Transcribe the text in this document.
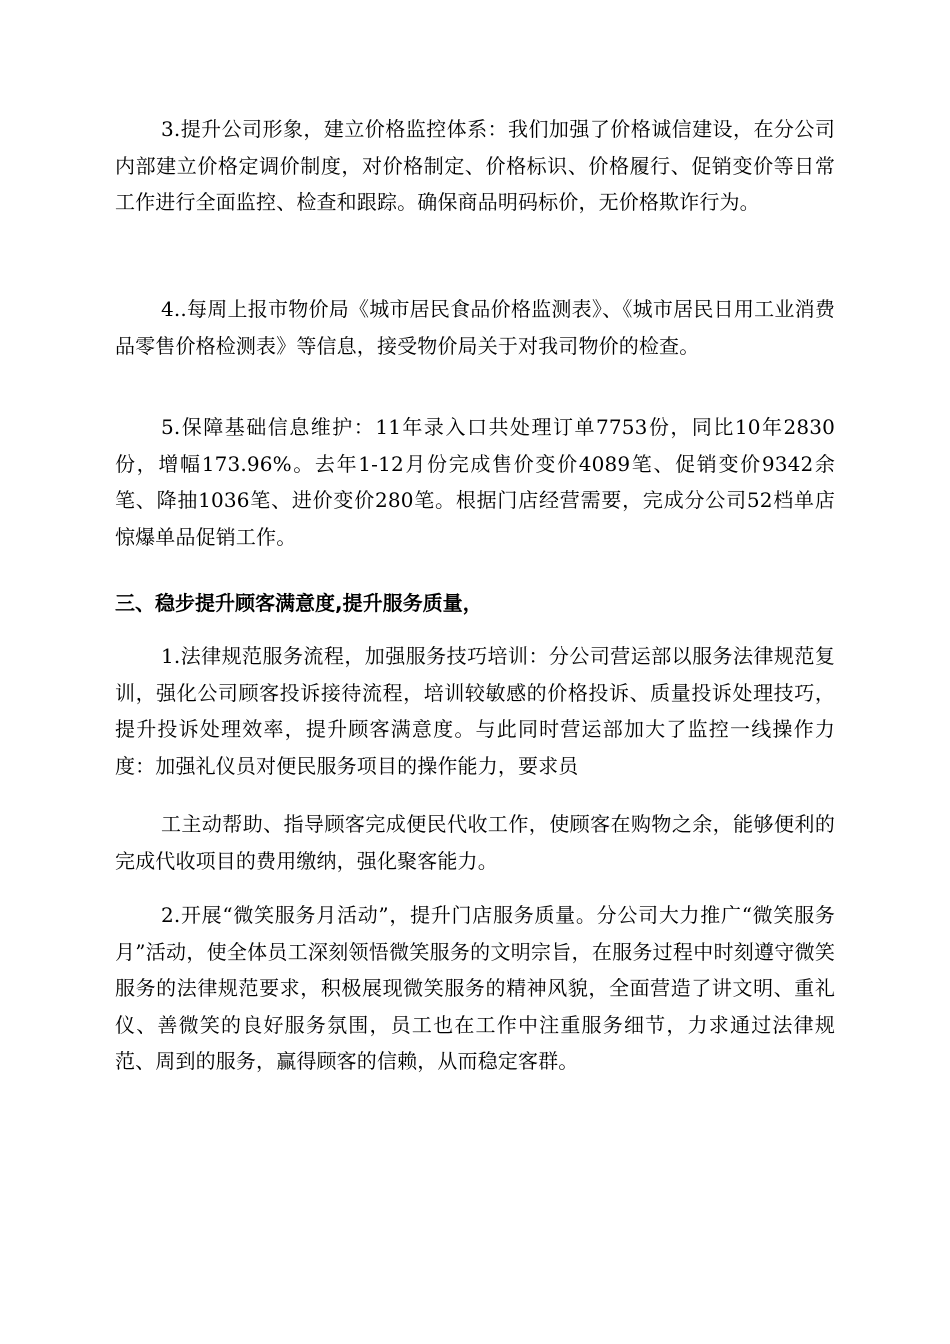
3.提升公司形象，建立价格监控体系：我们加强了价格诚信建设，在分公司内部建立价格定调价制度，对价格制定、价格标识、价格履行、促销变价等日常工作进行全面监控、检查和跟踪。确保商品明码标价，无价格欺诈行为。

4..每周上报市物价局《城市居民食品价格监测表》、《城市居民日用工业消费品零售价格检测表》等信息，接受物价局关于对我司物价的检查。

5.保障基础信息维护：11年录入口共处理订单7753份，同比10年2830份，增幅173.96%。去年1-12月份完成售价变价4089笔、促销变价9342余笔、降抽1036笔、进价变价280笔。根据门店经营需要，完成分公司52档单店惊爆单品促销工作。

三、稳步提升顾客满意度,提升服务质量，

1.法律规范服务流程，加强服务技巧培训：分公司营运部以服务法律规范复训，强化公司顾客投诉接待流程，培训较敏感的价格投诉、质量投诉处理技巧，提升投诉处理效率，提升顾客满意度。与此同时营运部加大了监控一线操作力度：加强礼仪员对便民服务项目的操作能力，要求员

工主动帮助、指导顾客完成便民代收工作，使顾客在购物之余，能够便利的完成代收项目的费用缴纳，强化聚客能力。

2.开展“微笑服务月活动”，提升门店服务质量。分公司大力推广“微笑服务月”活动，使全体员工深刻领悟微笑服务的文明宗旨，在服务过程中时刻遵守微笑服务的法律规范要求，积极展现微笑服务的精神风貌，全面营造了讲文明、重礼仪、善微笑的良好服务氛围，员工也在工作中注重服务细节，力求通过法律规范、周到的服务，赢得顾客的信赖，从而稳定客群。
